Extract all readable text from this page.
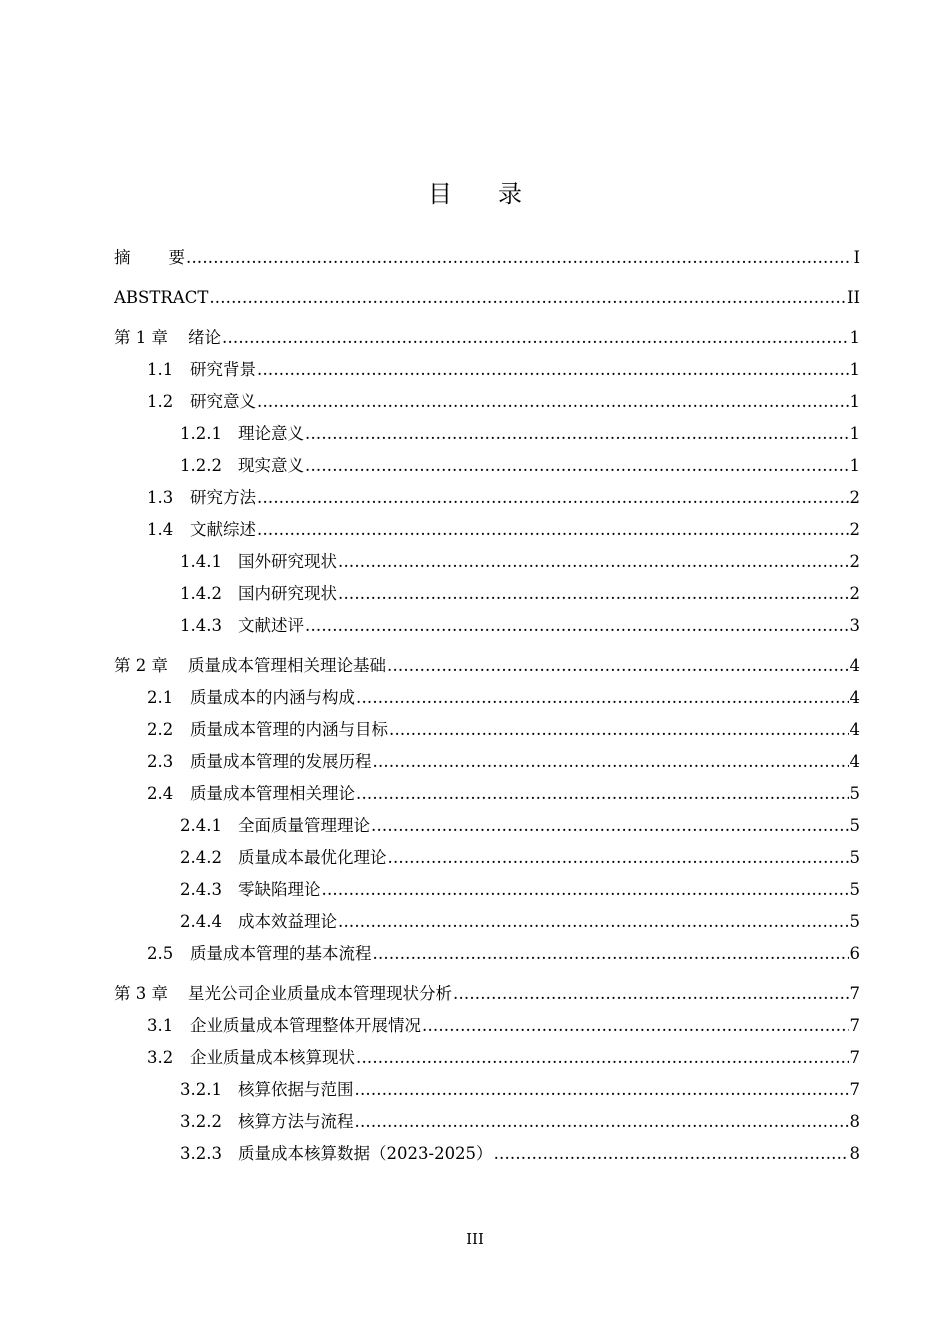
目 录
摘 要 .....	I
ABSTRACT .....	II
第 1 章	绪论 .....	1
1.1	研究背景 .....	1
1.2	研究意义 .....	1
1.2.1 理论意义 .....	1
1.2.2 现实意义 .....	1
1.3	研究方法 .....	2
1.4	文献综述 .....	2
1.4.1 国外研究现状 .....	2
1.4.2 国内研究现状 .....	2
1.4.3 文献述评 .....	3
第 2 章	质量成本管理相关理论基础 .....	4
2.1	质量成本的内涵与构成 .....	4
2.2	质量成本管理的内涵与目标 .....	4
2.3	质量成本管理的发展历程 .....	4
2.4	质量成本管理相关理论 .....	5
2.4.1 全面质量管理理论 .....	5
2.4.2 质量成本最优化理论 .....	5
2.4.3 零缺陷理论 .....	5
2.4.4 成本效益理论 .....	5
2.5	质量成本管理的基本流程 .....	6
第 3 章	星光公司企业质量成本管理现状分析 .....	7
3.1	企业质量成本管理整体开展情况 .....	7
3.2	企业质量成本核算现状 .....	7
3.2.1 核算依据与范围 .....	7
3.2.2 核算方法与流程 .....	8
3.2.3 质量成本核算数据（2023-2025） .....	8
III
